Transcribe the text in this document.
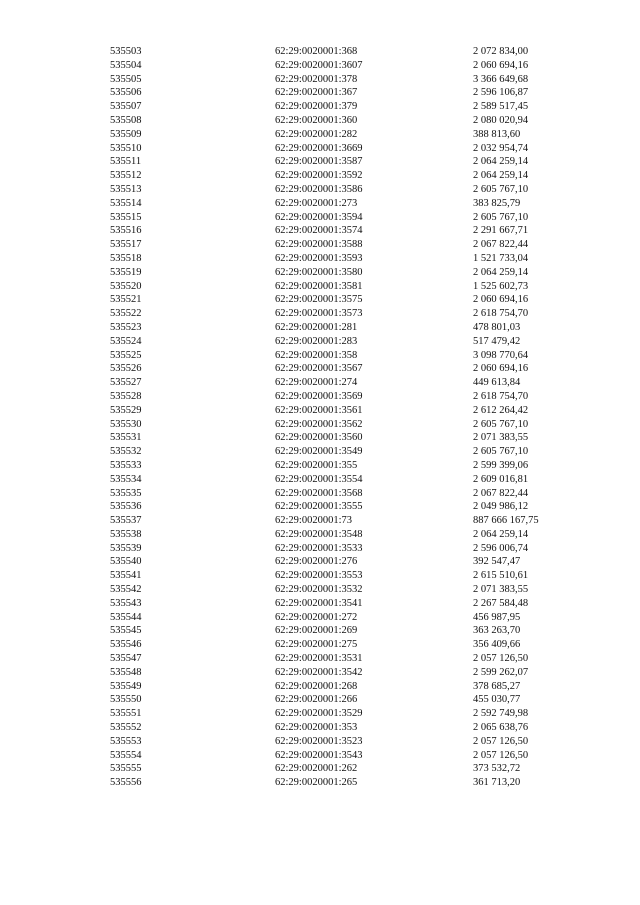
535503	62:29:0020001:368	2 072 834,00
535504	62:29:0020001:3607	2 060 694,16
535505	62:29:0020001:378	3 366 649,68
535506	62:29:0020001:367	2 596 106,87
535507	62:29:0020001:379	2 589 517,45
535508	62:29:0020001:360	2 080 020,94
535509	62:29:0020001:282	388 813,60
535510	62:29:0020001:3669	2 032 954,74
535511	62:29:0020001:3587	2 064 259,14
535512	62:29:0020001:3592	2 064 259,14
535513	62:29:0020001:3586	2 605 767,10
535514	62:29:0020001:273	383 825,79
535515	62:29:0020001:3594	2 605 767,10
535516	62:29:0020001:3574	2 291 667,71
535517	62:29:0020001:3588	2 067 822,44
535518	62:29:0020001:3593	1 521 733,04
535519	62:29:0020001:3580	2 064 259,14
535520	62:29:0020001:3581	1 525 602,73
535521	62:29:0020001:3575	2 060 694,16
535522	62:29:0020001:3573	2 618 754,70
535523	62:29:0020001:281	478 801,03
535524	62:29:0020001:283	517 479,42
535525	62:29:0020001:358	3 098 770,64
535526	62:29:0020001:3567	2 060 694,16
535527	62:29:0020001:274	449 613,84
535528	62:29:0020001:3569	2 618 754,70
535529	62:29:0020001:3561	2 612 264,42
535530	62:29:0020001:3562	2 605 767,10
535531	62:29:0020001:3560	2 071 383,55
535532	62:29:0020001:3549	2 605 767,10
535533	62:29:0020001:355	2 599 399,06
535534	62:29:0020001:3554	2 609 016,81
535535	62:29:0020001:3568	2 067 822,44
535536	62:29:0020001:3555	2 049 986,12
535537	62:29:0020001:73	887 666 167,75
535538	62:29:0020001:3548	2 064 259,14
535539	62:29:0020001:3533	2 596 006,74
535540	62:29:0020001:276	392 547,47
535541	62:29:0020001:3553	2 615 510,61
535542	62:29:0020001:3532	2 071 383,55
535543	62:29:0020001:3541	2 267 584,48
535544	62:29:0020001:272	456 987,95
535545	62:29:0020001:269	363 263,70
535546	62:29:0020001:275	356 409,66
535547	62:29:0020001:3531	2 057 126,50
535548	62:29:0020001:3542	2 599 262,07
535549	62:29:0020001:268	378 685,27
535550	62:29:0020001:266	455 030,77
535551	62:29:0020001:3529	2 592 749,98
535552	62:29:0020001:353	2 065 638,76
535553	62:29:0020001:3523	2 057 126,50
535554	62:29:0020001:3543	2 057 126,50
535555	62:29:0020001:262	373 532,72
535556	62:29:0020001:265	361 713,20
